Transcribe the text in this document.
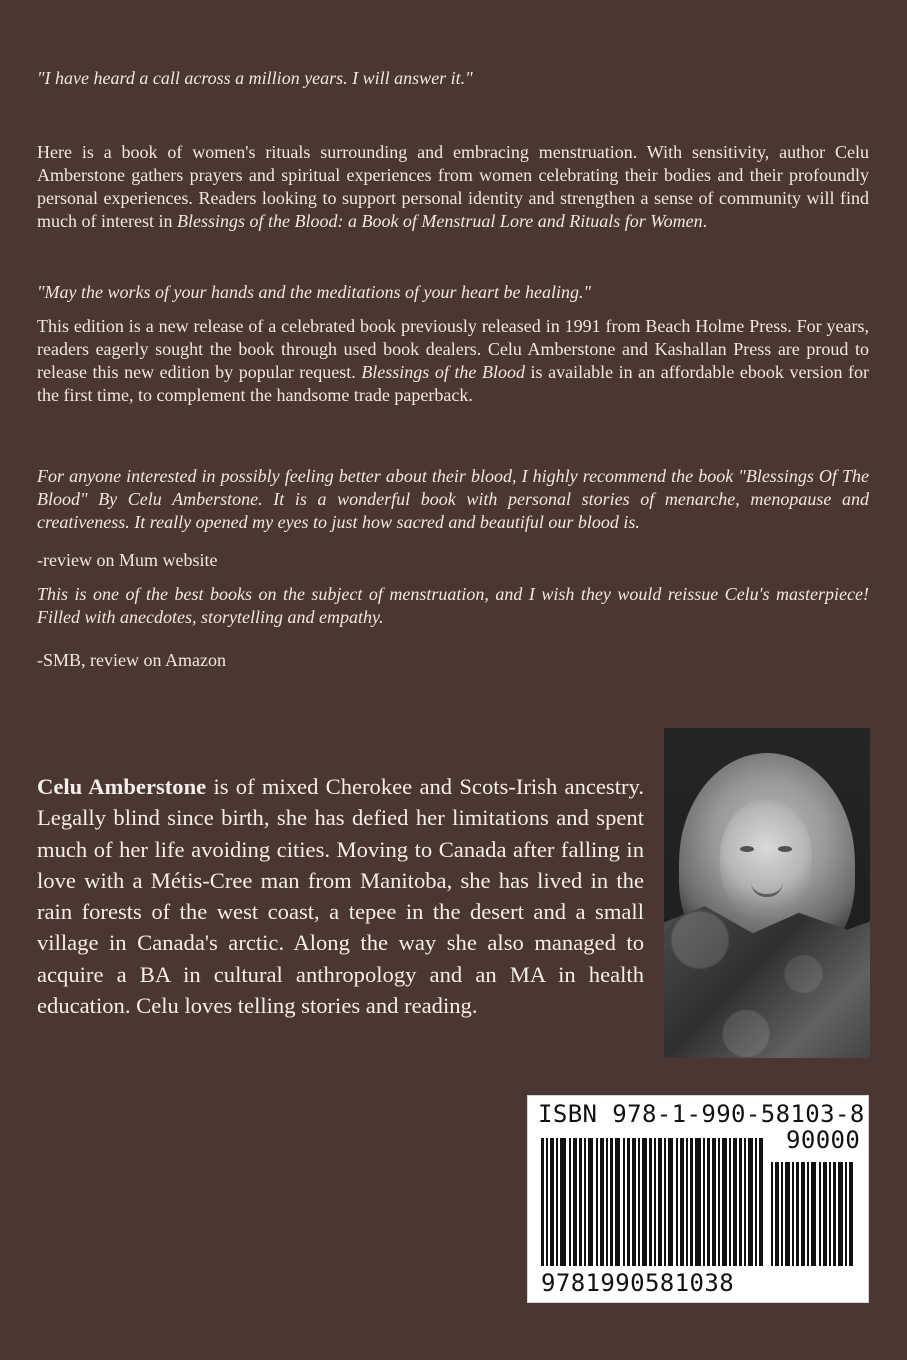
"I have heard a call across a million years. I will answer it."
Here is a book of women's rituals surrounding and embracing menstruation. With sensitivity, author Celu Amberstone gathers prayers and spiritual experiences from women celebrating their bodies and their profoundly personal experiences. Readers looking to support personal identity and strengthen a sense of community will find much of interest in Blessings of the Blood: a Book of Menstrual Lore and Rituals for Women.
"May the works of your hands and the meditations of your heart be healing."
This edition is a new release of a celebrated book previously released in 1991 from Beach Holme Press. For years, readers eagerly sought the book through used book dealers. Celu Amberstone and Kashallan Press are proud to release this new edition by popular request. Blessings of the Blood is available in an affordable ebook version for the first time, to complement the handsome trade paperback.
For anyone interested in possibly feeling better about their blood, I highly recommend the book "Blessings Of The Blood" By Celu Amberstone. It is a wonderful book with personal stories of menarche, menopause and creativeness. It really opened my eyes to just how sacred and beautiful our blood is.
-review on Mum website
This is one of the best books on the subject of menstruation, and I wish they would reissue Celu's masterpiece! Filled with anecdotes, storytelling and empathy.
-SMB, review on Amazon
Celu Amberstone is of mixed Cherokee and Scots-Irish ancestry. Legally blind since birth, she has defied her limitations and spent much of her life avoiding cities. Moving to Canada after falling in love with a Métis-Cree man from Manitoba, she has lived in the rain forests of the west coast, a tepee in the desert and a small village in Canada's arctic. Along the way she also managed to acquire a BA in cultural anthropology and an MA in health education. Celu loves telling stories and reading.
ISBN 978-1-990-58103-8
90000
9781990581038
